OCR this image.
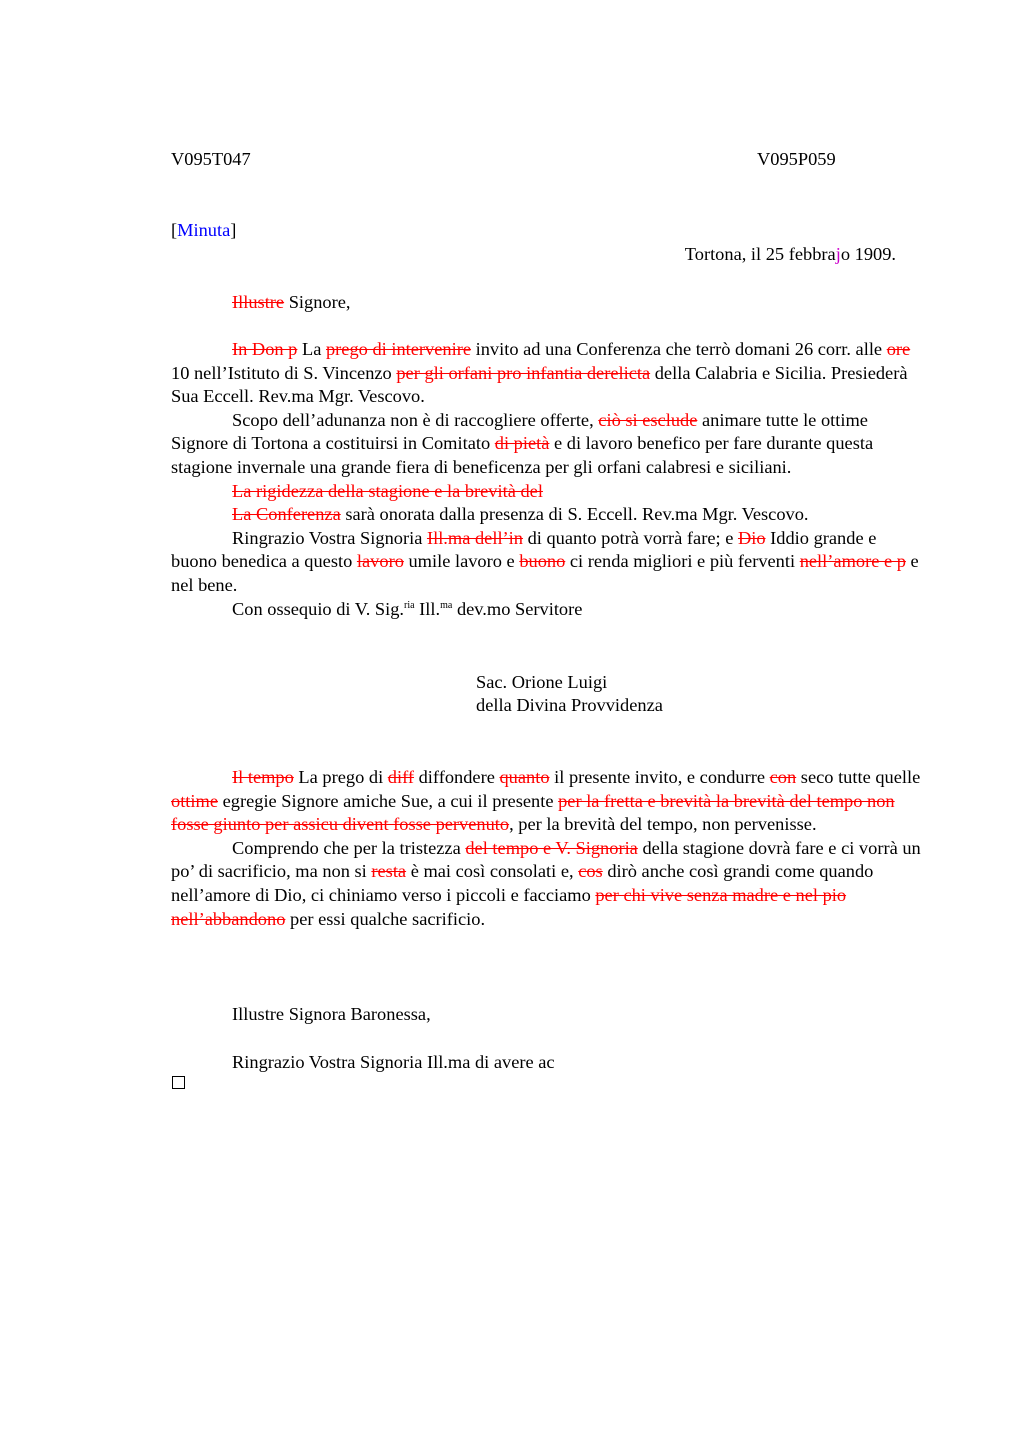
V095T047	V095P059
[Minuta]
Tortona, il 25 febbrajo 1909.
Illustre Signore,

In Don p La prego di intervenire invito ad una Conferenza che terrò domani 26 corr. alle ore 10 nell’Istituto di S. Vincenzo per gli orfani pro infantia derelicta della Calabria e Sicilia. Presiederà Sua Eccell. Rev.ma Mgr. Vescovo.

Scopo dell’adunanza non è di raccogliere offerte, ciò si esclude animare tutte le ottime Signore di Tortona a costituirsi in Comitato di pietà e di lavoro benefico per fare durante questa stagione invernale una grande fiera di beneficenza per gli orfani calabresi e siciliani.

La rigidezza della stagione e la brevità del

La Conferenza sarà onorata dalla presenza di S. Eccell. Rev.ma Mgr. Vescovo.

Ringrazio Vostra Signoria Ill.ma dell’in di quanto potrà vorrà fare; e Dio Iddio grande e buono benedica a questo lavoro umile lavoro e buono ci renda migliori e più ferventi nell’amore e p e nel bene.

Con ossequio di V. Sig.$^{ria}$ Ill.$^{ma}$ dev.mo Servitore

Sac. Orione Luigi
della Divina Provvidenza

Il tempo La prego di diff diffondere quanto il presente invito, e condurre con seco tutte quelle ottime egregie Signore amiche Sue, a cui il presente per la fretta e brevità la brevità del tempo non fosse giunto per assicu divent fosse pervenuto, per la brevità del tempo, non pervenisse.

Comprendo che per la tristezza del tempo e V. Signoria della stagione dovrà fare e ci vorrà un po’ di sacrificio, ma non si resta è mai così consolati e, cos dirò anche così grandi come quando nell’amore di Dio, ci chiniamo verso i piccoli e facciamo per chi vive senza madre e nel pio nell’abbandono per essi qualche sacrificio.

Illustre Signora Baronessa,
Ringrazio Vostra Signoria Ill.ma di avere ac
